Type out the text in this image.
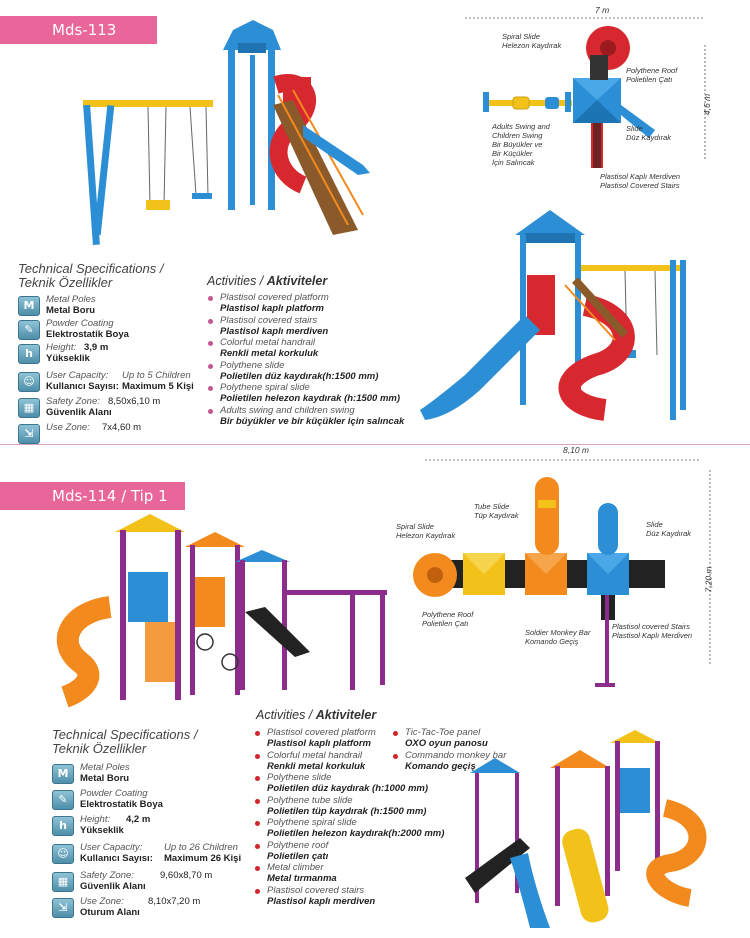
Mds-113
Technical Specifications /
Teknik Özellikler
M	Metal Poles
Metal Boru
✎	Powder Coating
Elektrostatik Boya
h	Height: 3,9 m
Yükseklik
☺	User Capacity: Up to 5 Children
Kullanıcı Sayısı: Maximum 5 Kişi
▦	Safety Zone: 8,50x6,10 m
Güvenlik Alanı
⇲	Use Zone: 7x4,60 m
Activities / Aktiviteler
Plastisol covered platform
Plastisol kaplı platform
Plastisol covered stairs
Plastisol kaplı merdiven
Colorful metal handrail
Renkli metal korkuluk
Polythene slide
Polietilen düz kaydırak(h:1500 mm)
Polythene spiral slide
Polietilen helezon kaydırak (h:1500 mm)
Adults swing and children swing
Bir büyükler ve bir küçükler için salıncak
7 m
4,6 m
Spiral Slide
Helezon Kaydırak
Polythene Roof
Polietilen Çatı
Adults Swing and
Children Swing
Bir Büyükler ve
Bir Küçükler
İçin Salıncak
Slide
Düz Kaydırak
Plastisol Kaplı Merdiven
Plastisol Covered Stairs
Mds-114 / Tip 1
8,10 m
7,20 m
Tube Slide
Tüp Kaydırak
Spiral Slide
Helezon Kaydırak
Slide
Düz Kaydırak
Polythene Roof
Polietilen Çatı
Soldier Monkey Bar
Komando Geçiş
Plastisol covered Stairs
Plastisol Kaplı Merdiven
Technical Specifications /
Teknik Özellikler
M	Metal Poles
Metal Boru
✎	Powder Coating
Elektrostatik Boya
h	Height: 4,2 m
Yükseklik
☺	User Capacity: Up to 26 Children
Kullanıcı Sayısı: Maximum 26 Kişi
▦	Safety Zone:	9,60x8,70 m
Güvenlik Alanı
⇲	Use Zone:	8,10x7,20 m
Oturum Alanı
Activities / Aktiviteler
Plastisol covered platform
Plastisol kaplı platform
Colorful metal handrail
Renkli metal korkuluk
Polythene slide
Polietilen düz kaydırak (h:1000 mm)
Polythene tube slide
Polietilen tüp kaydırak (h:1500 mm)
Polythene spiral slide
Polietilen helezon kaydırak(h:2000 mm)
Polythene roof
Polietilen çatı
Metal climber
Metal tırmanma
Plastisol covered stairs
Plastisol kaplı merdiven
Tic-Tac-Toe panel
OXO oyun panosu
Commando monkey bar
Komando geçiş
